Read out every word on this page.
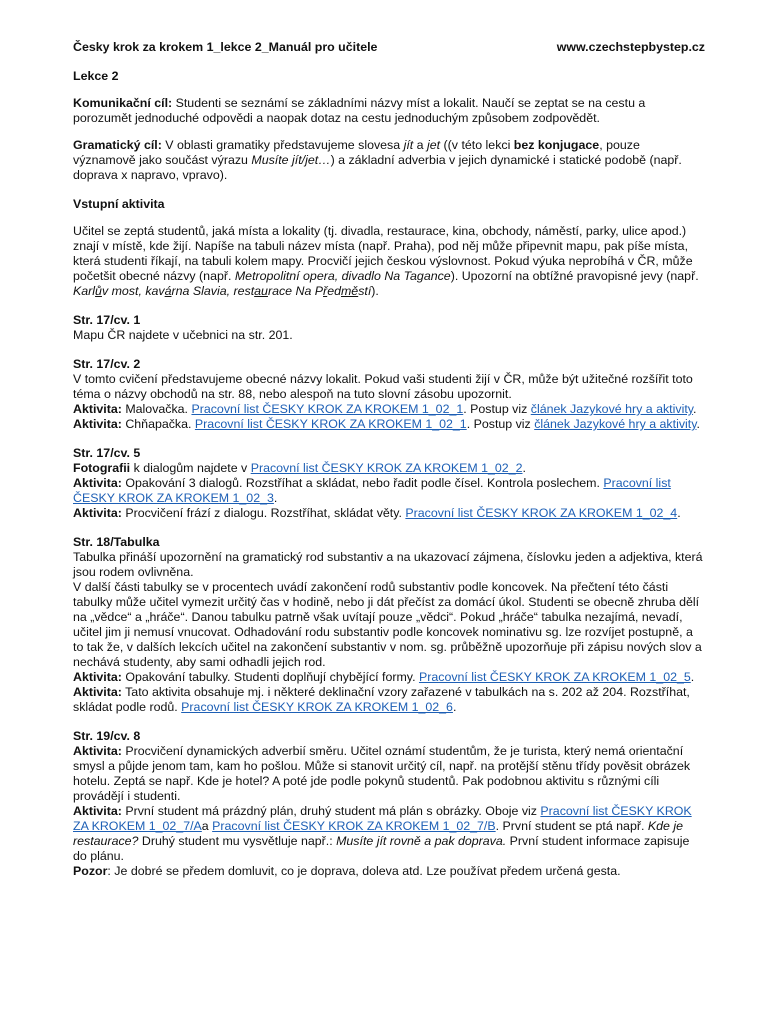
Česky krok za krokem 1_lekce 2_Manuál pro učitele	www.czechstepbystep.cz
Lekce 2

Komunikační cíl: Studenti se seznámí se základními názvy míst a lokalit. Naučí se zeptat se na cestu a porozumět jednoduché odpovědi a naopak dotaz na cestu jednoduchým způsobem zodpovědět.

Gramatický cíl: V oblasti gramatiky představujeme slovesa jít a jet ((v této lekci bez konjugace, pouze významově jako součást výrazu Musíte jít/jet…) a základní adverbia v jejich dynamické i statické podobě (např. doprava x napravo, vpravo).

Vstupní aktivita

Učitel se zeptá studentů, jaká místa a lokality (tj. divadla, restaurace, kina, obchody, náměstí, parky, ulice apod.) znají v místě, kde žijí. Napíše na tabuli název místa (např. Praha), pod něj může připevnit mapu, pak píše místa, která studenti říkají, na tabuli kolem mapy. Procvičí jejich českou výslovnost. Pokud výuka neprobíhá v ČR, může početšit obecné názvy (např. Metropolitní opera, divadlo Na Tagance). Upozorní na obtížné pravopisné jevy (např. Karlův most, kavárna Slavia, restaurace Na Předměstí).

Str. 17/cv. 1

Mapu ČR najdete v učebnici na str. 201.

Str. 17/cv. 2

V tomto cvičení představujeme obecné názvy lokalit. Pokud vaši studenti žijí v ČR, může být užitečné rozšířit toto téma o názvy obchodů na str. 88, nebo alespoň na tuto slovní zásobu upozornit.

Aktivita: Malovačka. Pracovní list ČESKY KROK ZA KROKEM 1_02_1. Postup viz článek Jazykové hry a aktivity.

Aktivita: Chňapačka. Pracovní list ČESKY KROK ZA KROKEM 1_02_1. Postup viz článek Jazykové hry a aktivity.

Str. 17/cv. 5

Fotografii k dialogům najdete v Pracovní list ČESKY KROK ZA KROKEM 1_02_2.

Aktivita: Opakování 3 dialogů. Rozstříhat a skládat, nebo řadit podle čísel. Kontrola poslechem. Pracovní list ČESKY KROK ZA KROKEM 1_02_3.

Aktivita: Procvičení frází z dialogu. Rozstříhat, skládat věty. Pracovní list ČESKY KROK ZA KROKEM 1_02_4.

Str. 18/Tabulka

Tabulka přináší upozornění na gramatický rod substantiv a na ukazovací zájmena, číslovku jeden a adjektiva, která jsou rodem ovlivněna.

V další části tabulky se v procentech uvádí zakončení rodů substantiv podle koncovek. Na přečtení této části tabulky může učitel vymezit určitý čas v hodině, nebo ji dát přečíst za domácí úkol. Studenti se obecně zhruba dělí na „vědce“ a „hráče“. Danou tabulku patrně však uvítají pouze „vědci“. Pokud „hráče“ tabulka nezajímá, nevadí, učitel jim ji nemusí vnucovat. Odhadování rodu substantiv podle koncovek nominativu sg. lze rozvíjet postupně, a to tak že, v dalších lekcích učitel na zakončení substantiv v nom. sg. průběžně upozorňuje při zápisu nových slov a nechává studenty, aby sami odhadli jejich rod.

Aktivita: Opakování tabulky. Studenti doplňují chybějící formy. Pracovní list ČESKY KROK ZA KROKEM 1_02_5.

Aktivita: Tato aktivita obsahuje mj. i některé deklinační vzory zařazené v tabulkách na s. 202 až 204. Rozstříhat, skládat podle rodů. Pracovní list ČESKY KROK ZA KROKEM 1_02_6.

Str. 19/cv. 8

Aktivita: Procvičení dynamických adverbií směru. Učitel oznámí studentům, že je turista, který nemá orientační smysl a půjde jenom tam, kam ho pošlou. Může si stanovit určitý cíl, např. na protější stěnu třídy pověsit obrázek hotelu. Zeptá se např. Kde je hotel? A poté jde podle pokynů studentů. Pak podobnou aktivitu s různými cíli provádějí i studenti.

Aktivita: První student má prázdný plán, druhý student má plán s obrázky. Oboje viz Pracovní list ČESKY KROK ZA KROKEM 1_02_7/Aa Pracovní list ČESKY KROK ZA KROKEM 1_02_7/B. První student se ptá např. Kde je restaurace? Druhý student mu vysvětluje např.: Musíte jít rovně a pak doprava. První student informace zapisuje do plánu.

Pozor: Je dobré se předem domluvit, co je doprava, doleva atd. Lze používat předem určená gesta.
